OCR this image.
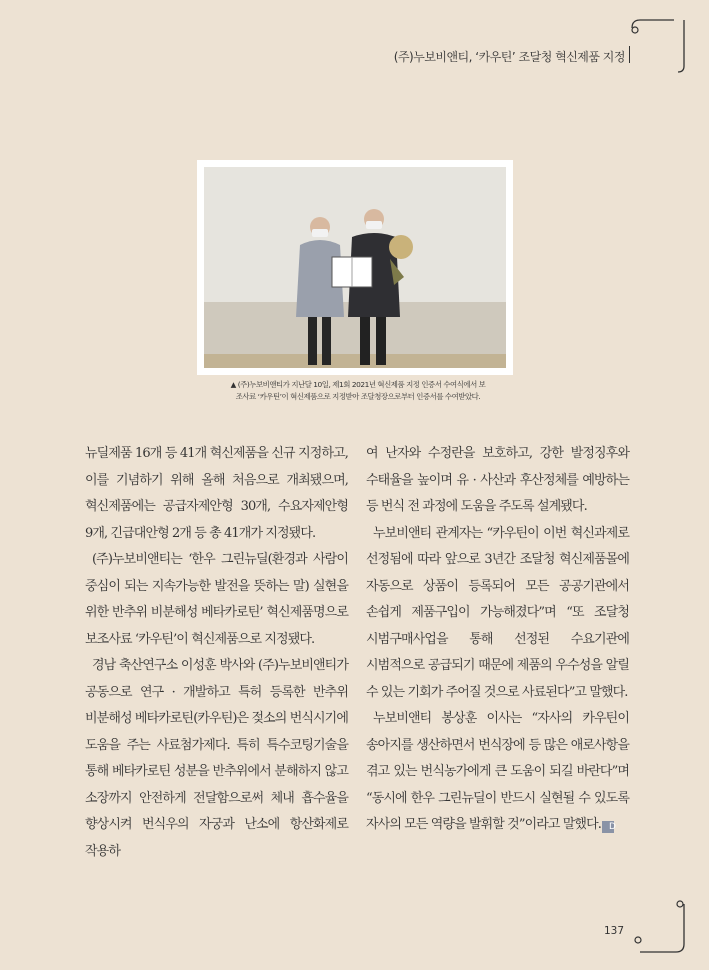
(주)누보비앤티, ‘카우틴’ 조달청 혁신제품 지정
▲ (주)누보비앤티가 지난달 10일, 제1회 2021년 혁신제품 지정 인증서 수여식에서 보
조사료 ‘카우틴’이 혁신제품으로 지정받아 조달청장으로부터 인증서를 수여받았다.

뉴딜제품 16개 등 41개 혁신제품을 신규 지정하고, 이를 기념하기 위해 올해 처음으로 개최됐으며, 혁신제품에는 공급자제안형 30개, 수요자제안형 9개, 긴급대안형 2개 등 총 41개가 지정됐다.

(주)누보비앤티는 ‘한우 그린뉴딜(환경과 사람이 중심이 되는 지속가능한 발전을 뜻하는 말) 실현을 위한 반추위 비분해성 베타카로틴’ 혁신제품명으로 보조사료 ‘카우틴’이 혁신제품으로 지정됐다.

경남 축산연구소 이성훈 박사와 (주)누보비앤티가 공동으로 연구 · 개발하고 특허 등록한 반추위 비분해성 베타카로틴(카우틴)은 젖소의 번식시기에 도움을 주는 사료첨가제다. 특히 특수코팅기술을 통해 베타카로틴 성분을 반추위에서 분해하지 않고 소장까지 안전하게 전달함으로써 체내 흡수율을 향상시켜 번식우의 자궁과 난소에 항산화제로 작용하

여 난자와 수정란을 보호하고, 강한 발정징후와 수태율을 높이며 유 · 사산과 후산정체를 예방하는 등 번식 전 과정에 도움을 주도록 설계됐다.

누보비앤티 관계자는 “카우틴이 이번 혁신과제로 선정됨에 따라 앞으로 3년간 조달청 혁신제품몰에 자동으로 상품이 등록되어 모든 공공기관에서 손쉽게 제품구입이 가능해졌다”며 “또 조달청 시범구매사업을 통해 선정된 수요기관에 시범적으로 공급되기 때문에 제품의 우수성을 알릴 수 있는 기회가 주어질 것으로 사료된다”고 말했다.

누보비앤티 봉상훈 이사는 “자사의 카우틴이 송아지를 생산하면서 번식장에 등 많은 애로사항을 겪고 있는 번식농가에게 큰 도움이 되길 바란다”며 “동시에 한우 그린뉴딜이 반드시 실현될 수 있도록 자사의 모든 역량을 발휘할 것”이라고 말했다. D

137
